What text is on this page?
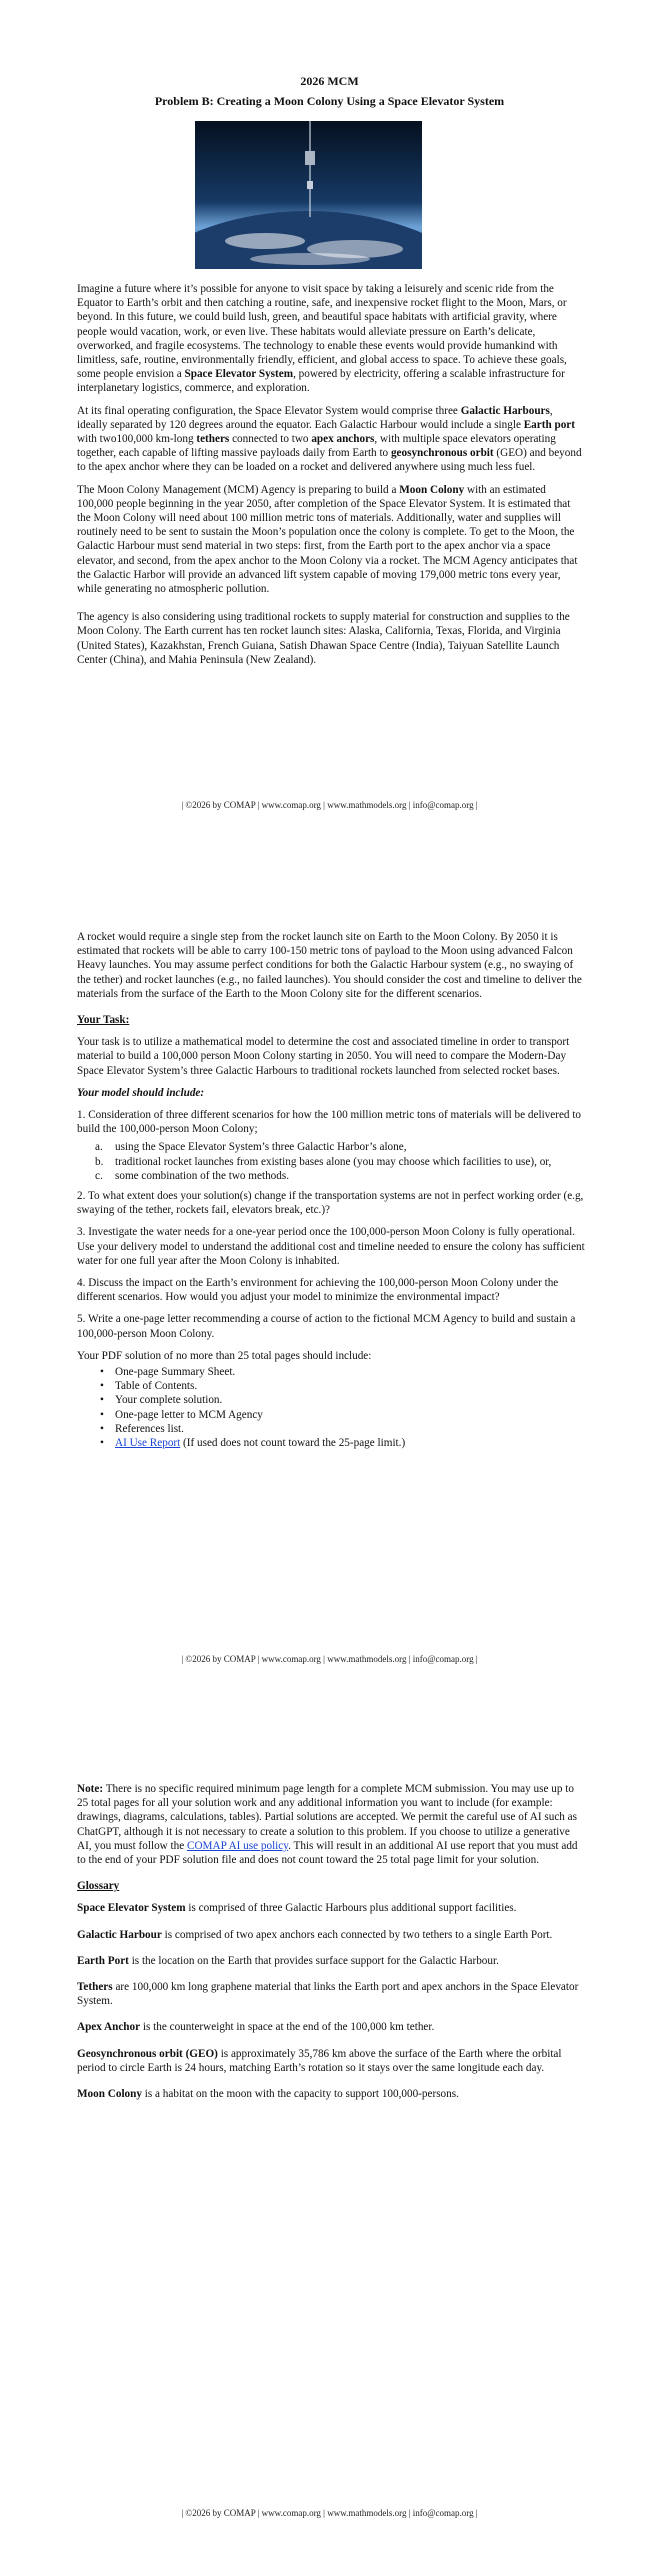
2026 MCM
Problem B: Creating a Moon Colony Using a Space Elevator System

Imagine a future where it’s possible for anyone to visit space by taking a leisurely and scenic ride from the Equator to Earth’s orbit and then catching a routine, safe, and inexpensive rocket flight to the Moon, Mars, or beyond. In this future, we could build lush, green, and beautiful space habitats with artificial gravity, where people would vacation, work, or even live. These habitats would alleviate pressure on Earth’s delicate, overworked, and fragile ecosystems. The technology to enable these events would provide humankind with limitless, safe, routine, environmentally friendly, efficient, and global access to space. To achieve these goals, some people envision a Space Elevator System, powered by electricity, offering a scalable infrastructure for interplanetary logistics, commerce, and exploration.

At its final operating configuration, the Space Elevator System would comprise three Galactic Harbours, ideally separated by 120 degrees around the equator. Each Galactic Harbour would include a single Earth port with two100,000 km-long tethers connected to two apex anchors, with multiple space elevators operating together, each capable of lifting massive payloads daily from Earth to geosynchronous orbit (GEO) and beyond to the apex anchor where they can be loaded on a rocket and delivered anywhere using much less fuel.

The Moon Colony Management (MCM) Agency is preparing to build a Moon Colony with an estimated 100,000 people beginning in the year 2050, after completion of the Space Elevator System. It is estimated that the Moon Colony will need about 100 million metric tons of materials. Additionally, water and supplies will routinely need to be sent to sustain the Moon’s population once the colony is complete. To get to the Moon, the Galactic Harbour must send material in two steps: first, from the Earth port to the apex anchor via a space elevator, and second, from the apex anchor to the Moon Colony via a rocket. The MCM Agency anticipates that the Galactic Harbor will provide an advanced lift system capable of moving 179,000 metric tons every year, while generating no atmospheric pollution.

The agency is also considering using traditional rockets to supply material for construction and supplies to the Moon Colony. The Earth current has ten rocket launch sites: Alaska, California, Texas, Florida, and Virginia (United States), Kazakhstan, French Guiana, Satish Dhawan Space Centre (India), Taiyuan Satellite Launch Center (China), and Mahia Peninsula (New Zealand).

| ©2026 by COMAP | www.comap.org | www.mathmodels.org | info@comap.org |

A rocket would require a single step from the rocket launch site on Earth to the Moon Colony. By 2050 it is estimated that rockets will be able to carry 100-150 metric tons of payload to the Moon using advanced Falcon Heavy launches. You may assume perfect conditions for both the Galactic Harbour system (e.g., no swaying of the tether) and rocket launches (e.g., no failed launches). You should consider the cost and timeline to deliver the materials from the surface of the Earth to the Moon Colony site for the different scenarios.

Your Task:

Your task is to utilize a mathematical model to determine the cost and associated timeline in order to transport material to build a 100,000 person Moon Colony starting in 2050. You will need to compare the Modern-Day Space Elevator System’s three Galactic Harbours to traditional rockets launched from selected rocket bases.

Your model should include:

1. Consideration of three different scenarios for how the 100 million metric tons of materials will be delivered to build the 100,000-person Moon Colony;

a. using the Space Elevator System’s three Galactic Harbor’s alone,
b. traditional rocket launches from existing bases alone (you may choose which facilities to use), or,
c. some combination of the two methods.

2. To what extent does your solution(s) change if the transportation systems are not in perfect working order (e.g, swaying of the tether, rockets fail, elevators break, etc.)?

3. Investigate the water needs for a one-year period once the 100,000-person Moon Colony is fully operational. Use your delivery model to understand the additional cost and timeline needed to ensure the colony has sufficient water for one full year after the Moon Colony is inhabited.

4. Discuss the impact on the Earth’s environment for achieving the 100,000-person Moon Colony under the different scenarios. How would you adjust your model to minimize the environmental impact?

5. Write a one-page letter recommending a course of action to the fictional MCM Agency to build and sustain a 100,000-person Moon Colony.

Your PDF solution of no more than 25 total pages should include:

• One-page Summary Sheet.
• Table of Contents.
• Your complete solution.
• One-page letter to MCM Agency
• References list.
• AI Use Report (If used does not count toward the 25-page limit.)
| ©2026 by COMAP | www.comap.org | www.mathmodels.org | info@comap.org |

Note: There is no specific required minimum page length for a complete MCM submission. You may use up to 25 total pages for all your solution work and any additional information you want to include (for example: drawings, diagrams, calculations, tables). Partial solutions are accepted. We permit the careful use of AI such as ChatGPT, although it is not necessary to create a solution to this problem. If you choose to utilize a generative AI, you must follow the COMAP AI use policy. This will result in an additional AI use report that you must add to the end of your PDF solution file and does not count toward the 25 total page limit for your solution.

Glossary

Space Elevator System is comprised of three Galactic Harbours plus additional support facilities.

Galactic Harbour is comprised of two apex anchors each connected by two tethers to a single Earth Port.

Earth Port is the location on the Earth that provides surface support for the Galactic Harbour.

Tethers are 100,000 km long graphene material that links the Earth port and apex anchors in the Space Elevator System.

Apex Anchor is the counterweight in space at the end of the 100,000 km tether.

Geosynchronous orbit (GEO) is approximately 35,786 km above the surface of the Earth where the orbital period to circle Earth is 24 hours, matching Earth’s rotation so it stays over the same longitude each day.

Moon Colony is a habitat on the moon with the capacity to support 100,000-persons.

| ©2026 by COMAP | www.comap.org | www.mathmodels.org | info@comap.org |
